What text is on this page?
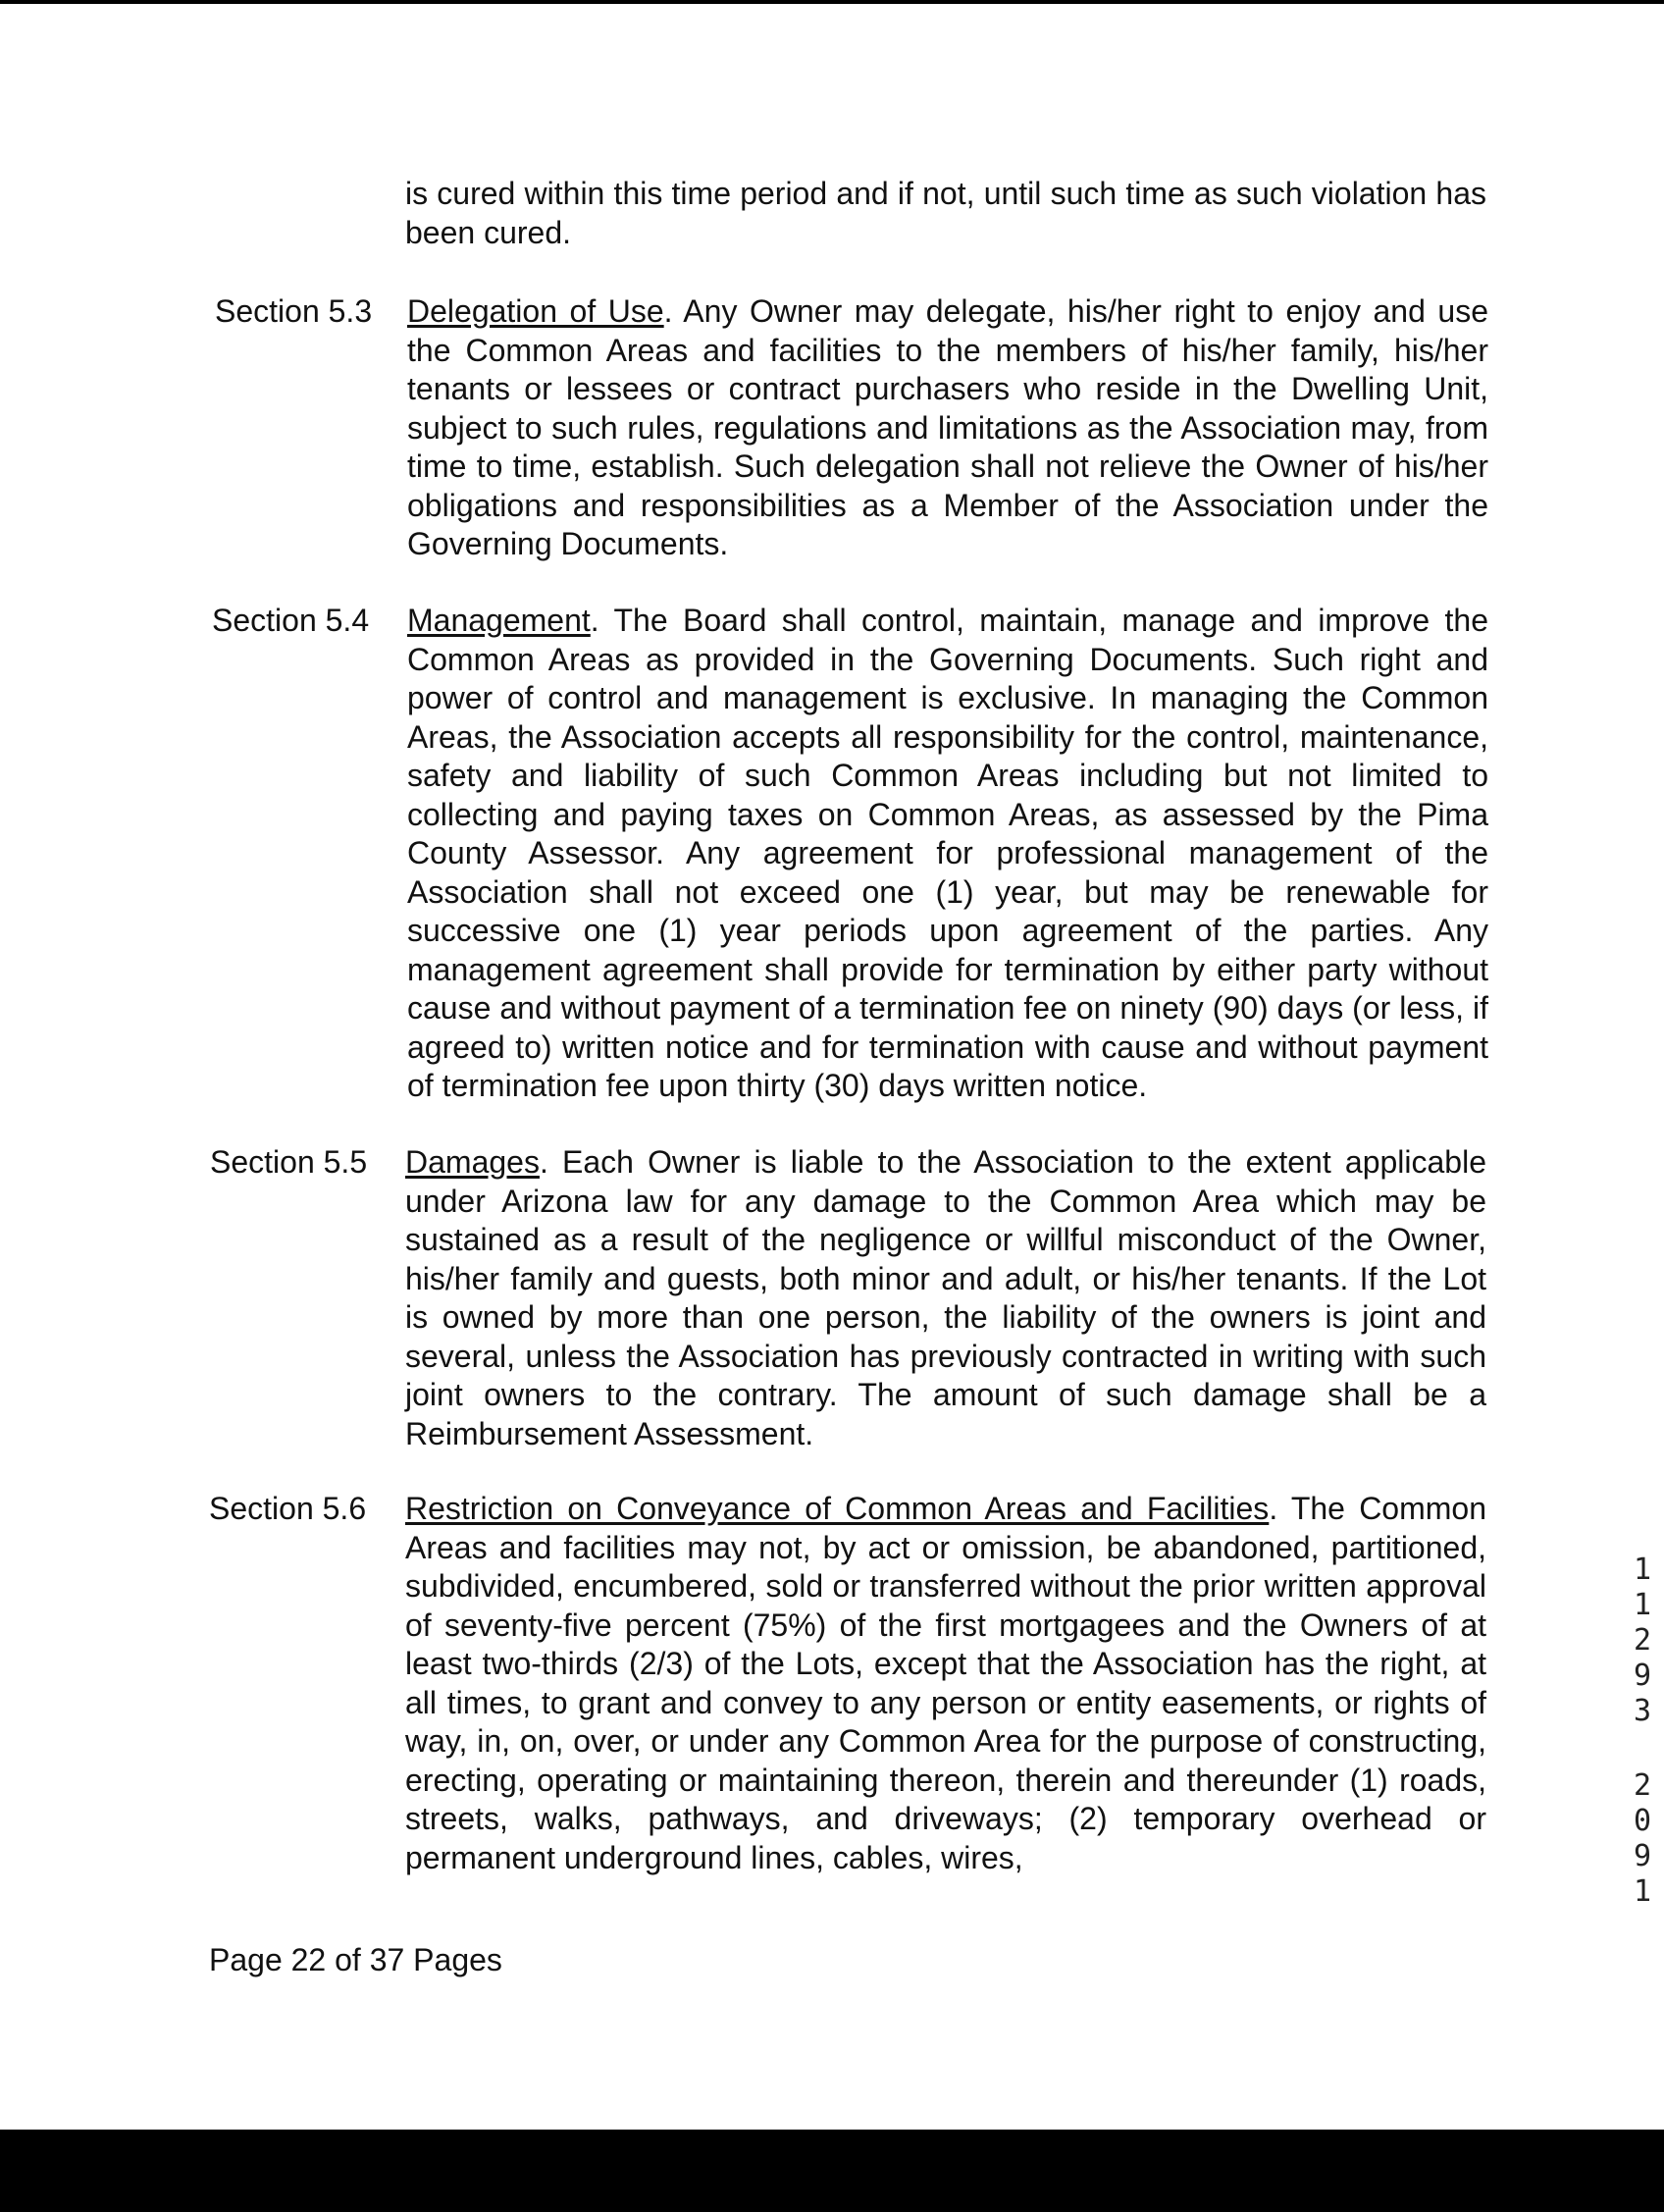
is cured within this time period and if not, until such time as such violation has been cured.

Section 5.3 Delegation of Use. Any Owner may delegate, his/her right to enjoy and use the Common Areas and facilities to the members of his/her family, his/her tenants or lessees or contract purchasers who reside in the Dwelling Unit, subject to such rules, regulations and limitations as the Association may, from time to time, establish. Such delegation shall not relieve the Owner of his/her obligations and responsibilities as a Member of the Association under the Governing Documents.

Section 5.4 Management. The Board shall control, maintain, manage and improve the Common Areas as provided in the Governing Documents. Such right and power of control and management is exclusive. In managing the Common Areas, the Association accepts all responsibility for the control, maintenance, safety and liability of such Common Areas including but not limited to collecting and paying taxes on Common Areas, as assessed by the Pima County Assessor. Any agreement for professional management of the Association shall not exceed one (1) year, but may be renewable for successive one (1) year periods upon agreement of the parties. Any management agreement shall provide for termination by either party without cause and without payment of a termination fee on ninety (90) days (or less, if agreed to) written notice and for termination with cause and without payment of termination fee upon thirty (30) days written notice.

Section 5.5 Damages. Each Owner is liable to the Association to the extent applicable under Arizona law for any damage to the Common Area which may be sustained as a result of the negligence or willful misconduct of the Owner, his/her family and guests, both minor and adult, or his/her tenants. If the Lot is owned by more than one person, the liability of the owners is joint and several, unless the Association has previously contracted in writing with such joint owners to the contrary. The amount of such damage shall be a Reimbursement Assessment.

Section 5.6 Restriction on Conveyance of Common Areas and Facilities. The Common Areas and facilities may not, by act or omission, be abandoned, partitioned, subdivided, encumbered, sold or transferred without the prior written approval of seventy-five percent (75%) of the first mortgagees and the Owners of at least two-thirds (2/3) of the Lots, except that the Association has the right, at all times, to grant and convey to any person or entity easements, or rights of way, in, on, over, or under any Common Area for the purpose of constructing, erecting, operating or maintaining thereon, therein and thereunder (1) roads, streets, walks, pathways, and driveways; (2) temporary overhead or permanent underground lines, cables, wires,

Page 22 of 37 Pages
1
1
2
9
3
2
0
9
1
